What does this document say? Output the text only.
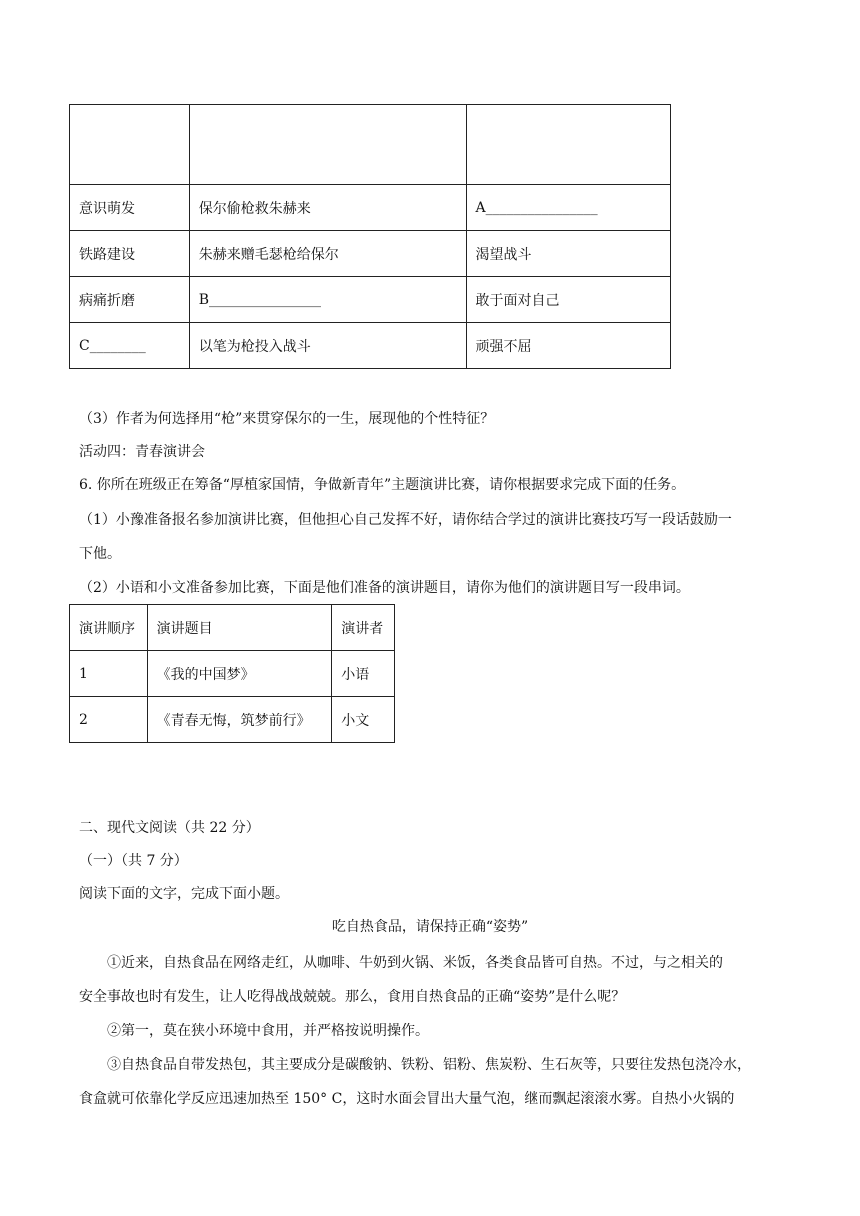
意识萌发	保尔偷枪救朱赫来	A________________
铁路建设	朱赫来赠毛瑟枪给保尔	渴望战斗
病痛折磨	B________________	敢于面对自己
C________	以笔为枪投入战斗	顽强不屈
（3）作者为何选择用“枪”来贯穿保尔的一生，展现他的个性特征？
活动四：青春演讲会
6. 你所在班级正在筹备“厚植家国情，争做新青年”主题演讲比赛，请你根据要求完成下面的任务。
（1）小豫准备报名参加演讲比赛，但他担心自己发挥不好，请你结合学过的演讲比赛技巧写一段话鼓励一
下他。
（2）小语和小文准备参加比赛，下面是他们准备的演讲题目，请你为他们的演讲题目写一段串词。
演讲顺序	演讲题目	演讲者
1	《我的中国梦》	小语
2	《青春无悔，筑梦前行》	小文
二、现代文阅读（共 22 分）
（一）（共 7 分）
阅读下面的文字，完成下面小题。
吃自热食品，请保持正确“姿势”
①近来，自热食品在网络走红，从咖啡、牛奶到火锅、米饭，各类食品皆可自热。不过，与之相关的
安全事故也时有发生，让人吃得战战兢兢。那么，食用自热食品的正确“姿势”是什么呢？
②第一，莫在狭小环境中食用，并严格按说明操作。
③自热食品自带发热包，其主要成分是碳酸钠、铁粉、铝粉、焦炭粉、生石灰等，只要往发热包浇冷水，
食盒就可依靠化学反应迅速加热至 150° C，这时水面会冒出大量气泡，继而飘起滚滚水雾。自热小火锅的
